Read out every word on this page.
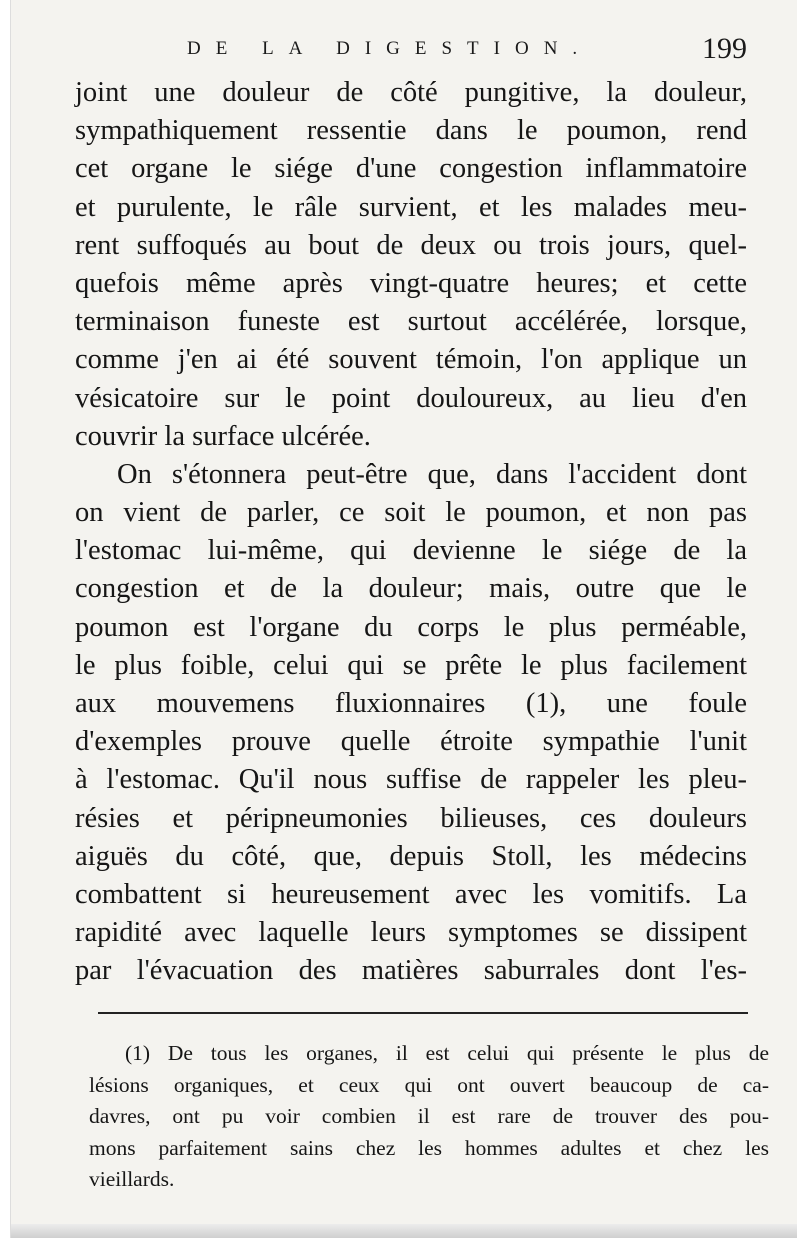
DE LA DIGESTION.	199
joint une douleur de côté pungitive, la douleur,
sympathiquement ressentie dans le poumon, rend
cet organe le siége d'une congestion inflammatoire
et purulente, le râle survient, et les malades meu-
rent suffoqués au bout de deux ou trois jours, quel-
quefois même après vingt-quatre heures; et cette
terminaison funeste est surtout accélérée, lorsque,
comme j'en ai été souvent témoin, l'on applique un
vésicatoire sur le point douloureux, au lieu d'en
couvrir la surface ulcérée.
On s'étonnera peut-être que, dans l'accident dont
on vient de parler, ce soit le poumon, et non pas
l'estomac lui-même, qui devienne le siége de la
congestion et de la douleur; mais, outre que le
poumon est l'organe du corps le plus perméable,
le plus foible, celui qui se prête le plus facilement
aux mouvemens fluxionnaires (1), une foule
d'exemples prouve quelle étroite sympathie l'unit
à l'estomac. Qu'il nous suffise de rappeler les pleu-
résies et péripneumonies bilieuses, ces douleurs
aiguës du côté, que, depuis Stoll, les médecins
combattent si heureusement avec les vomitifs. La
rapidité avec laquelle leurs symptomes se dissipent
par l'évacuation des matières saburrales dont l'es-
(1) De tous les organes, il est celui qui présente le plus de
lésions organiques, et ceux qui ont ouvert beaucoup de ca-
davres, ont pu voir combien il est rare de trouver des pou-
mons parfaitement sains chez les hommes adultes et chez les
vieillards.
